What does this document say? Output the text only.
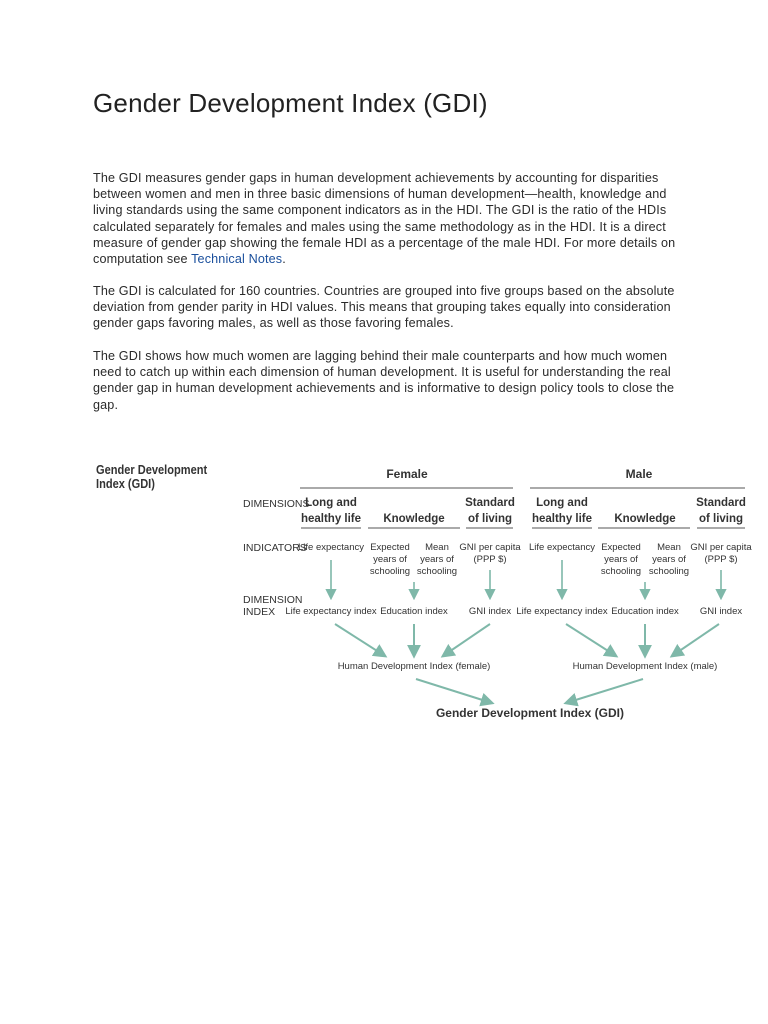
Gender Development Index (GDI)

The GDI measures gender gaps in human development achievements by accounting for disparities between women and men in three basic dimensions of human development—health, knowledge and living standards using the same component indicators as in the HDI. The GDI is the ratio of the HDIs calculated separately for females and males using the same methodology as in the HDI. It is a direct measure of gender gap showing the female HDI as a percentage of the male HDI. For more details on computation see Technical Notes.

The GDI is calculated for 160 countries. Countries are grouped into five groups based on the absolute deviation from gender parity in HDI values. This means that grouping takes equally into consideration gender gaps favoring males, as well as those favoring females.

The GDI shows how much women are lagging behind their male counterparts and how much women need to catch up within each dimension of human development. It is useful for understanding the real gender gap in human development achievements and is informative to design policy tools to close the gap.

Gender Development
Index (GDI)
Female	Male
DIMENSIONS
INDICATORS
DIMENSION
INDEX
Long and
healthy life Knowledge
Standard
of living
Long and
healthy life Knowledge
Standard
of living
Life expectancy Expected
years of
schooling
Mean
years of
schooling
GNI per capita
(PPP $)
Life expectancy Expected
years of
schooling
Mean
years of
schooling
GNI per capita
(PPP $)
Life expectancy index Education index GNI index Life expectancy index Education index GNI index
Human Development Index (female)	Human Development Index (male)
Gender Development Index (GDI)
